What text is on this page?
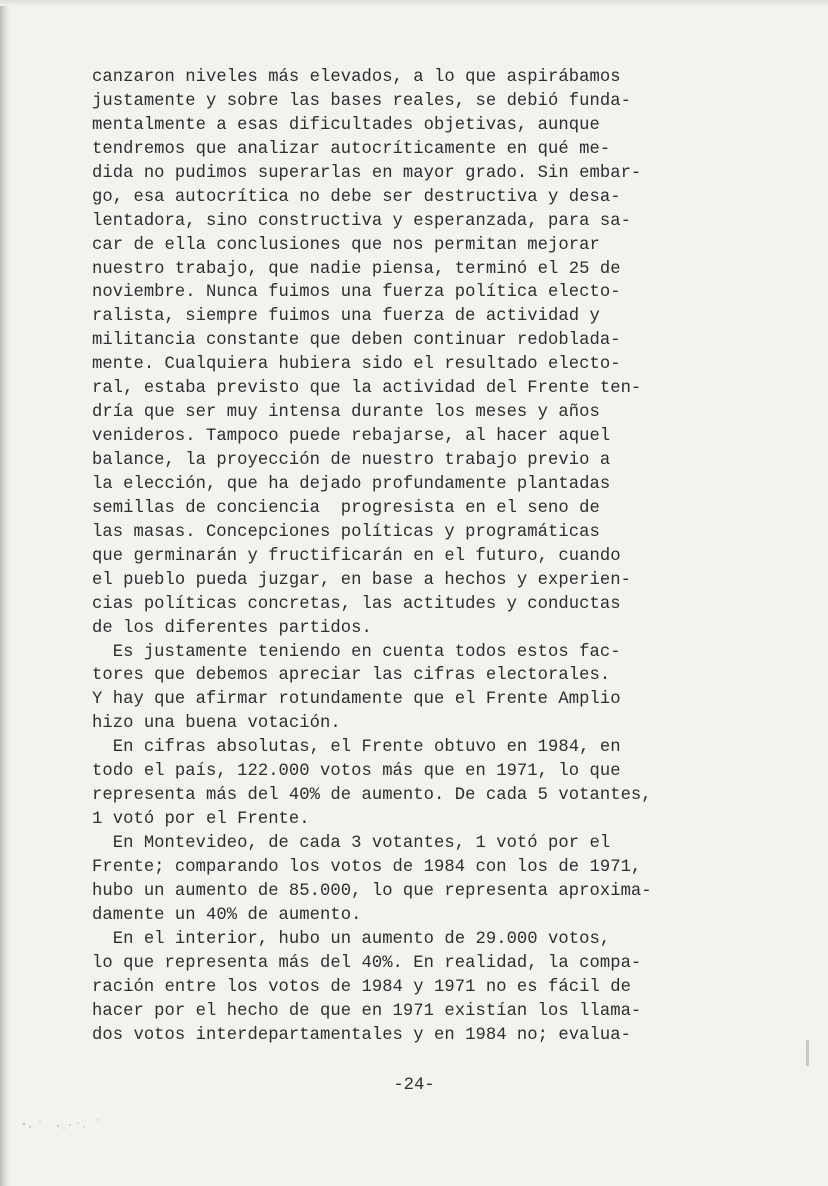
canzaron niveles más elevados, a lo que aspirábamos
justamente y sobre las bases reales, se debió funda-
mentalmente a esas dificultades objetivas, aunque
tendremos que analizar autocríticamente en qué me-
dida no pudimos superarlas en mayor grado. Sin embar-
go, esa autocrítica no debe ser destructiva y desa-
lentadora, sino constructiva y esperanzada, para sa-
car de ella conclusiones que nos permitan mejorar
nuestro trabajo, que nadie piensa, terminó el 25 de
noviembre. Nunca fuimos una fuerza política electo-
ralista, siempre fuimos una fuerza de actividad y
militancia constante que deben continuar redoblada-
mente. Cualquiera hubiera sido el resultado electo-
ral, estaba previsto que la actividad del Frente ten-
dría que ser muy intensa durante los meses y años
venideros. Tampoco puede rebajarse, al hacer aquel
balance, la proyección de nuestro trabajo previo a
la elección, que ha dejado profundamente plantadas
semillas de conciencia  progresista en el seno de
las masas. Concepciones políticas y programáticas
que germinarán y fructificarán en el futuro, cuando
el pueblo pueda juzgar, en base a hechos y experien-
cias políticas concretas, las actitudes y conductas
de los diferentes partidos.
Es justamente teniendo en cuenta todos estos fac-
tores que debemos apreciar las cifras electorales.
Y hay que afirmar rotundamente que el Frente Amplio
hizo una buena votación.
En cifras absolutas, el Frente obtuvo en 1984, en
todo el país, 122.000 votos más que en 1971, lo que
representa más del 40% de aumento. De cada 5 votantes,
1 votó por el Frente.
En Montevideo, de cada 3 votantes, 1 votó por el
Frente; comparando los votos de 1984 con los de 1971,
hubo un aumento de 85.000, lo que representa aproxima-
damente un 40% de aumento.
En el interior, hubo un aumento de 29.000 votos,
lo que representa más del 40%. En realidad, la compa-
ración entre los votos de 1984 y 1971 no es fácil de
hacer por el hecho de que en 1971 existían los llama-
dos votos interdepartamentales y en 1984 no; evalua-
-24-
